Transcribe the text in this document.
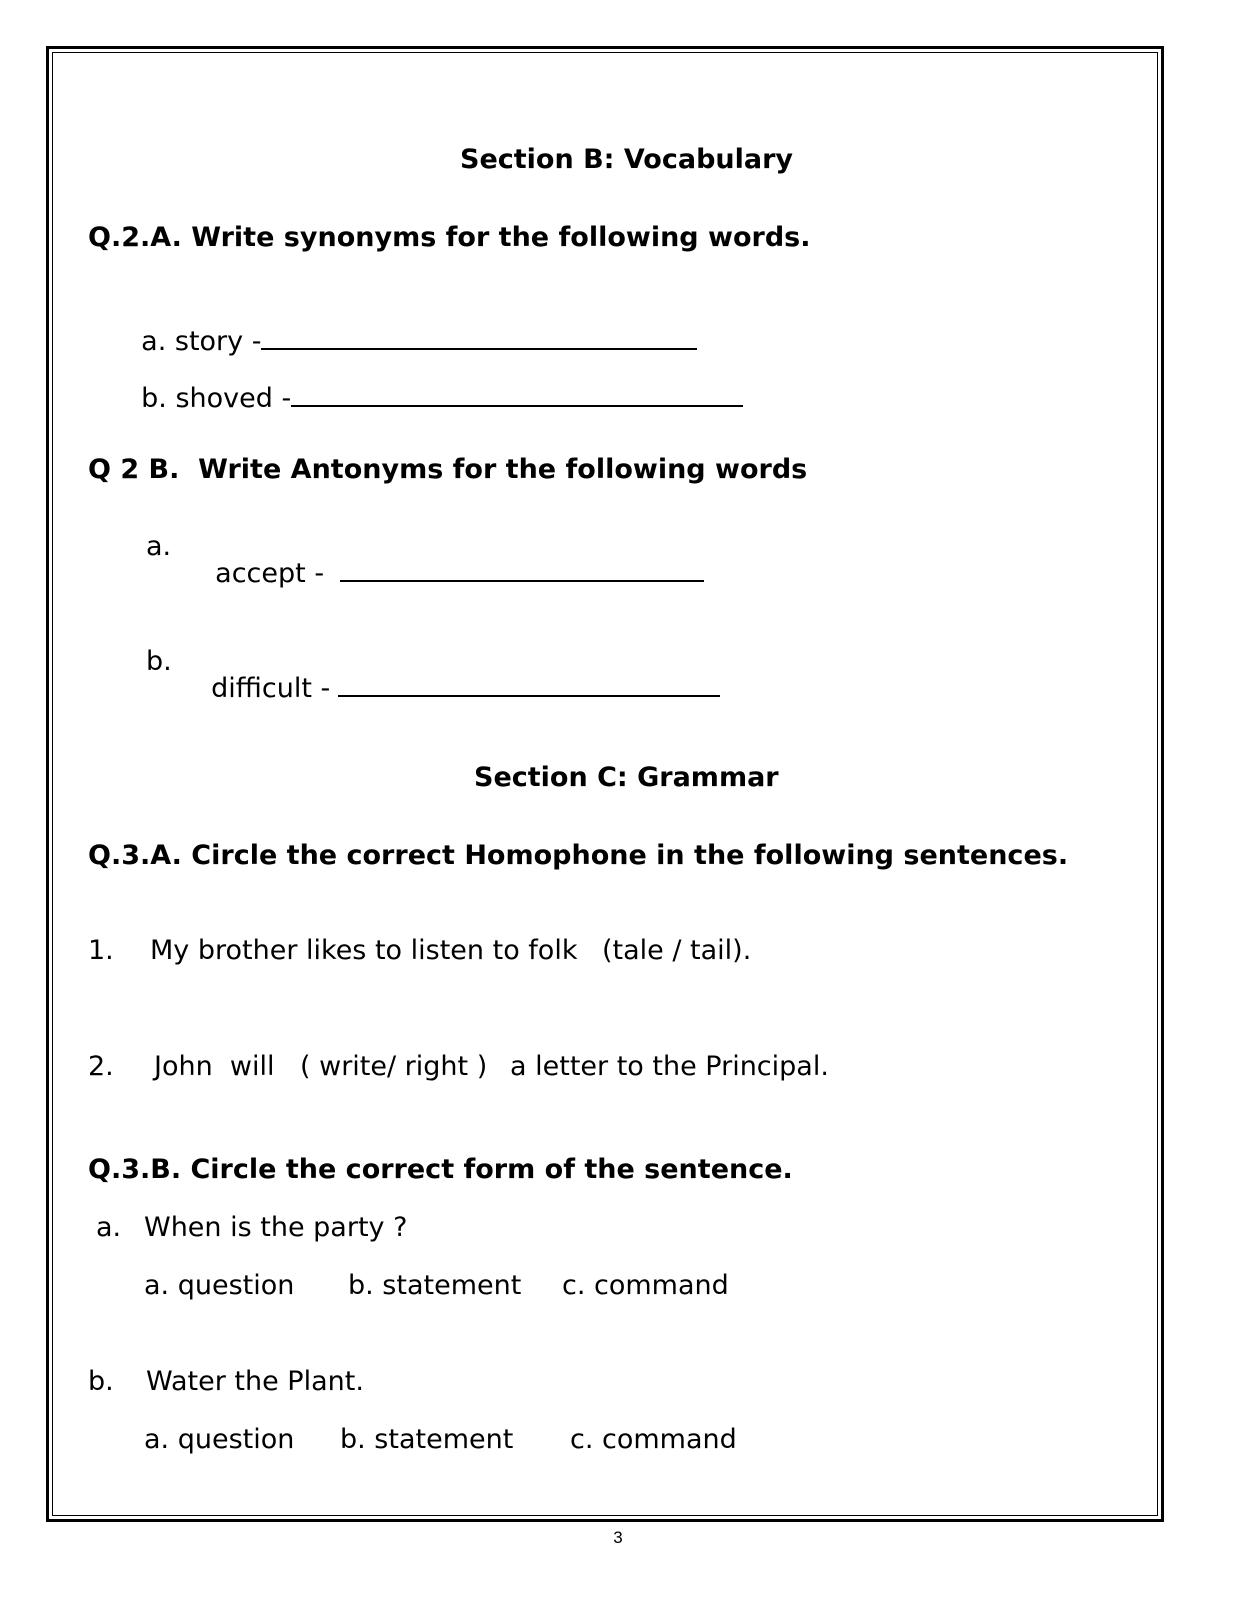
Section B: Vocabulary
Q.2.A. Write synonyms for the following words.

a. story -

b. shoved -

Q 2 B.  Write Antonyms for the following words
a.

accept -

b.

difficult -

Section C: Grammar
Q.3.A. Circle the correct Homophone in the following sentences.
1. My brother likes to listen to folk (tale / tail).
2. John  will ( write/ right ) a letter to the Principal.
Q.3.B. Circle the correct form of the sentence.
a. When is the party ?
a. question b. statement c. command
b. Water the Plant.
a. question b. statement c. command
3
